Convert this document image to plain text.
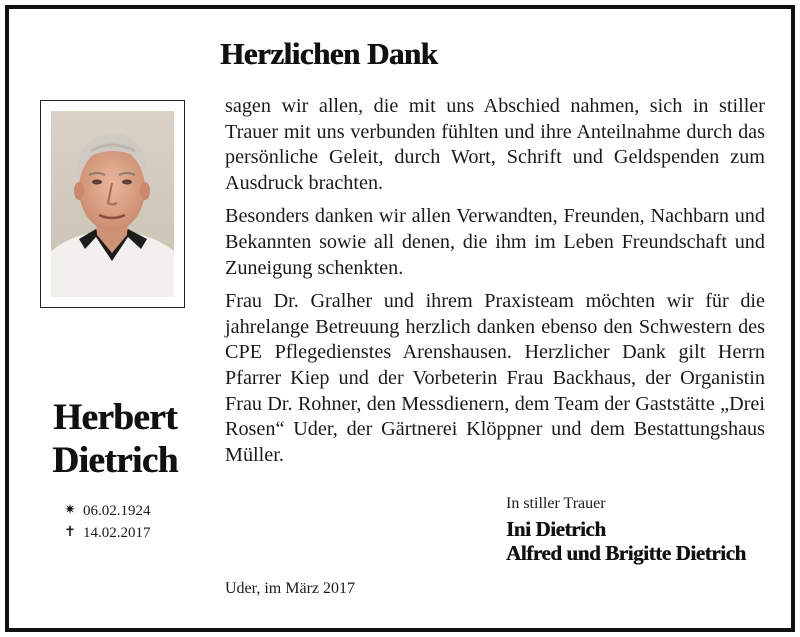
Herzlichen Dank

sagen wir allen, die mit uns Abschied nahmen, sich in stiller Trauer mit uns verbunden fühlten und ihre Anteilnahme durch das persönliche Geleit, durch Wort, Schrift und Geldspenden zum Ausdruck brachten.

Besonders danken wir allen Verwandten, Freunden, Nachbarn und Bekannten sowie all denen, die ihm im Leben Freundschaft und Zuneigung schenkten.

Frau Dr. Gralher und ihrem Praxisteam möchten wir für die jahrelange Betreuung herzlich danken ebenso den Schwestern des CPE Pflegedienstes Arenshausen. Herzlicher Dank gilt Herrn Pfarrer Kiep und der Vorbeterin Frau Backhaus, der Organistin Frau Dr. Rohner, den Messdienern, dem Team der Gaststätte „Drei Rosen“ Uder, der Gärtnerei Klöppner und dem Bestattungshaus Müller.

Herbert
Dietrich
✷ 06.02.1924
✝ 14.02.2017
In stiller Trauer
Ini Dietrich
Alfred und Brigitte Dietrich
Uder, im März 2017
